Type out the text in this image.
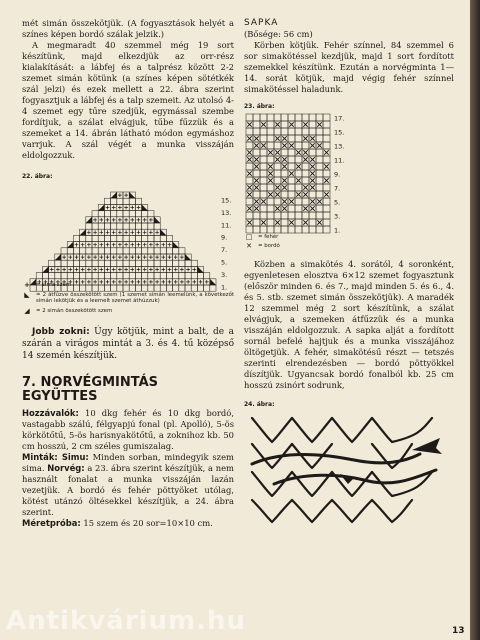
mét simán összekötjük. (A fogyasztások helyét a színes képen bordó szálak jelzik.)

A megmaradt 40 szemmel még 19 sort készítünk, majd elkezdjük az orr-rész kialakítását: a lábfej és a talprész között 2-2 szemet simán kötünk (a színes képen sötétkék szál jelzi) és ezek mellett a 22. ábra szerint fogyasztjuk a lábfej és a talp szemeit. Az utolsó 4-4 szemet egy tűre szedjük, egymással szembe fordítjuk, a szálat elvágjuk, tűbe fűzzük és a szemeket a 14. ábrán látható módon egymáshoz varrjuk. A szál végét a munka visszáján eldolgozzuk.

22. ábra:

15.
13.
11.
9.
7.
5.
3.
1.
+	= sima szem
◣	= 2 átfűzve összekötött szem (1 szemet simán leemelünk, a következőt simán lekötjük és a leemelt szemet áthúzzuk)
◢	= 2 simán összekötött szem

Jobb zokni: Úgy kötjük, mint a balt, de a szárán a virágos mintát a 3. és 4. tű középső 14 szemén készítjük.

7. NORVÉGMINTÁS

EGYÜTTES

Hozzávalók: 10 dkg fehér és 10 dkg bordó, vastagabb szálú, félgyapjú fonal (pl. Apolló), 5-ös körkötőtű, 5-ös harisnyakötőtű, a zoknihoz kb. 50 cm hosszú, 2 cm széles gumiszalag.

Minták: Simu: Minden sorban, mindegyik szem sima. Norvég: a 23. ábra szerint készítjük, a nem használt fonalat a munka visszáján lazán vezetjük. A bordó és fehér pöttyöket utólag, kötést utánzó öltésekkel készítjük, a 24. ábra szerint.

Méretpróba: 15 szem és 20 sor=10×10 cm.

SAPKA

(Bősége: 56 cm)

Körben kötjük. Fehér színnel, 84 szemmel 6 sor simakötéssel kezdjük, majd 1 sort fordított szemekkel készítünk. Ezután a norvégminta 1—14. sorát kötjük, majd végig fehér színnel simakötéssel haladunk.

23. ábra:

17.
15.
13.
11.
9.
7.
5.
3.
1.
□	= fehér
✕	= bordó

Közben a simakötés 4. sorától, 4 soronként, egyenletesen elosztva 6×12 szemet fogyasztunk (először minden 6. és 7., majd minden 5. és 6., 4. és 5. stb. szemet simán összekötjük). A maradék 12 szemmel még 2 sort készítünk, a szálat elvágjuk, a szemeken átfűzzük és a munka visszáján eldolgozzuk. A sapka alját a fordított sornál befelé hajtjuk és a munka visszájához öltögetjük. A fehér, simakötésű részt — tetszés szerinti elrendezésben — bordó pöttyökkel díszítjük. Ugyancsak bordó fonalból kb. 25 cm hosszú zsinórt sodrunk,

24. ábra:

13
Antikvárium.hu
